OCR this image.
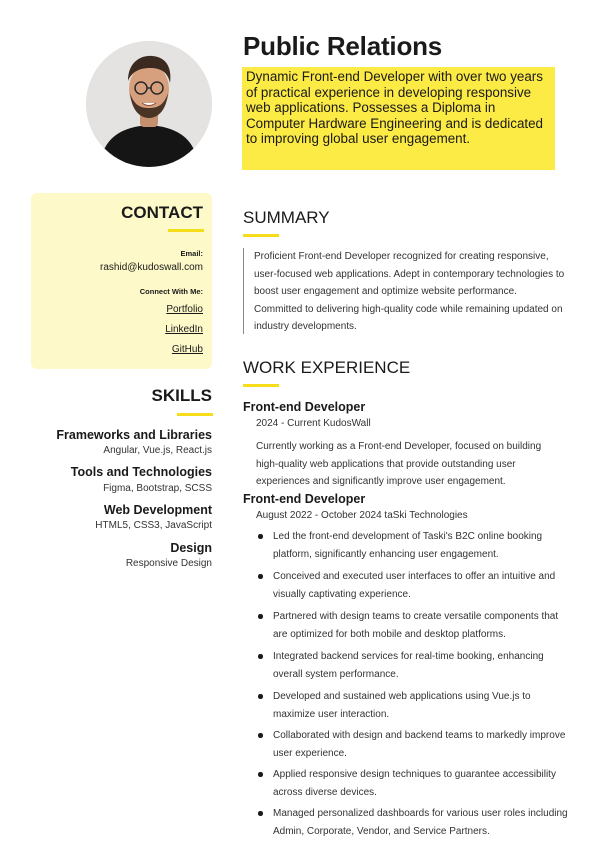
CONTACT
Email:
rashid@kudoswall.com
Connect With Me:
Portfolio
LinkedIn
GitHub
SKILLS
Frameworks and Libraries
Angular, Vue.js, React.js
Tools and Technologies
Figma, Bootstrap, SCSS
Web Development
HTML5, CSS3, JavaScript
Design
Responsive Design
Public Relations
Dynamic Front-end Developer with over two years of practical experience in developing responsive web applications. Possesses a Diploma in Computer Hardware Engineering and is dedicated to improving global user engagement.
SUMMARY
Proficient Front-end Developer recognized for creating responsive, user-focused web applications. Adept in contemporary technologies to boost user engagement and optimize website performance. Committed to delivering high-quality code while remaining updated on industry developments.
WORK EXPERIENCE
Front-end Developer
2024 - Current KudosWall
Currently working as a Front-end Developer, focused on building high-quality web applications that provide outstanding user experiences and significantly improve user engagement.
Front-end Developer
August 2022 - October 2024 taSki Technologies
Led the front-end development of Taski's B2C online booking platform, significantly enhancing user engagement.
Conceived and executed user interfaces to offer an intuitive and visually captivating experience.
Partnered with design teams to create versatile components that are optimized for both mobile and desktop platforms.
Integrated backend services for real-time booking, enhancing overall system performance.
Developed and sustained web applications using Vue.js to maximize user interaction.
Collaborated with design and backend teams to markedly improve user experience.
Applied responsive design techniques to guarantee accessibility across diverse devices.
Managed personalized dashboards for various user roles including Admin, Corporate, Vendor, and Service Partners.
